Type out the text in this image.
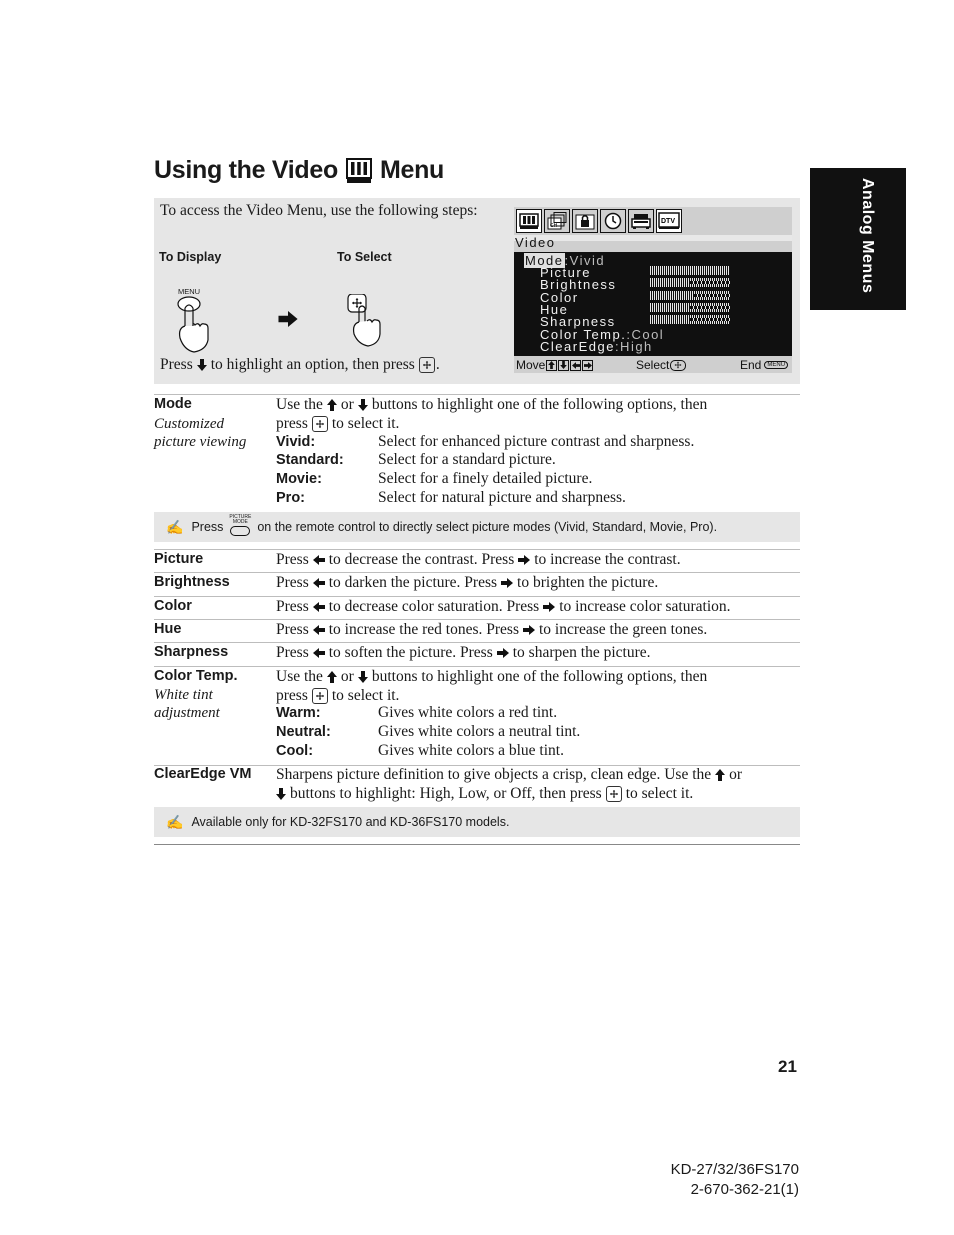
Using the Video Menu
Analog Menus
To access the Video Menu, use the following steps:
To Display	To Select
MENU
Press to highlight an option, then press .
CH
DTV
Video
Mode:Vivid
Picture
Brightness
Color
Hue
Sharpness
Color Temp.:Cool
ClearEdge:High
Move	Select	End	MENU
Mode
Customized
picture viewing
Use the or buttons to highlight one of the following options, then
press to select it.
Vivid:	Select for enhanced picture contrast and sharpness.
Standard: Select for a standard picture.
Movie:	Select for a finely detailed picture.
Pro:	Select for natural picture and sharpness.
✍ Press
PICTURE
MODE on the remote control to directly select picture modes (Vivid, Standard, Movie, Pro).
Picture	Press to decrease the contrast. Press to increase the contrast.
Brightness	Press to darken the picture. Press to brighten the picture.
Color	Press to decrease color saturation. Press to increase color saturation.
Hue	Press to increase the red tones. Press to increase the green tones.
Sharpness	Press to soften the picture. Press to sharpen the picture.
Color Temp.
White tint
adjustment
Use the or buttons to highlight one of the following options, then
press to select it.
Warm:	Gives white colors a red tint.
Neutral:	Gives white colors a neutral tint.
Cool:	Gives white colors a blue tint.
ClearEdge VM Sharpens picture definition to give objects a crisp, clean edge. Use the or
buttons to highlight: High, Low, or Off, then press to select it.
✍ Available only for KD-32FS170 and KD-36FS170 models.
21
KD-27/32/36FS170
2-670-362-21(1)
